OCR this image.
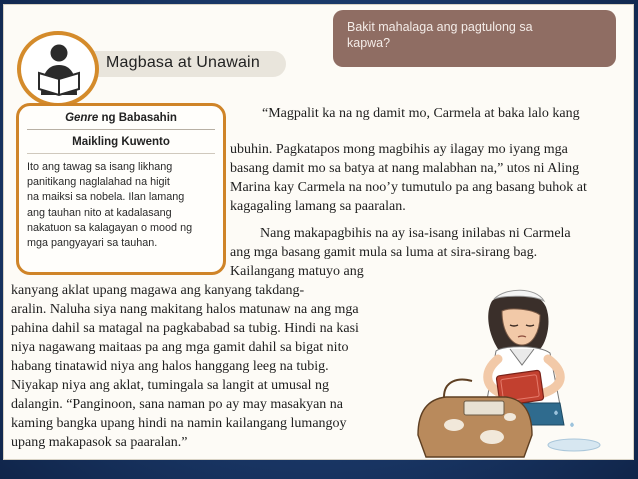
Magbasa at Unawain
Bakit mahalaga ang pagtulong sa
kapwa?
Genre ng Babasahin
Maikling Kuwento
Ito ang tawag sa isang likhang
panitikang naglalahad na higit
na maiksi sa nobela. Ilan lamang
ang tauhan nito at kadalasang
nakatuon sa kalagayan o mood ng
mga pangyayari sa tauhan.
“Magpalit ka na ng damit mo, Carmela at baka lalo kang
ubuhin. Pagkatapos mong magbihis ay ilagay mo iyang mga
basang damit mo sa batya at nang malabhan na,” utos ni Aling
Marina kay Carmela na noo’y tumutulo pa ang basang buhok at
kagagaling lamang sa paaralan.
Nang makapagbihis na ay isa-isang inilabas ni Carmela
ang mga basang gamit mula sa luma at sira-sirang bag.
Kailangang matuyo ang
kanyang aklat upang magawa ang kanyang takdang-
aralin. Naluha siya nang makitang halos matunaw na ang mga
pahina dahil sa matagal na pagkababad sa tubig. Hindi na kasi
niya nagawang maitaas pa ang mga gamit dahil sa bigat nito
habang tinatawid niya ang halos hanggang leeg na tubig.
Niyakap niya ang aklat, tumingala sa langit at umusal ng
dalangin. “Panginoon, sana naman po ay may masakyan na
kaming bangka upang hindi na namin kailangang lumangoy
upang makapasok sa paaralan.”
